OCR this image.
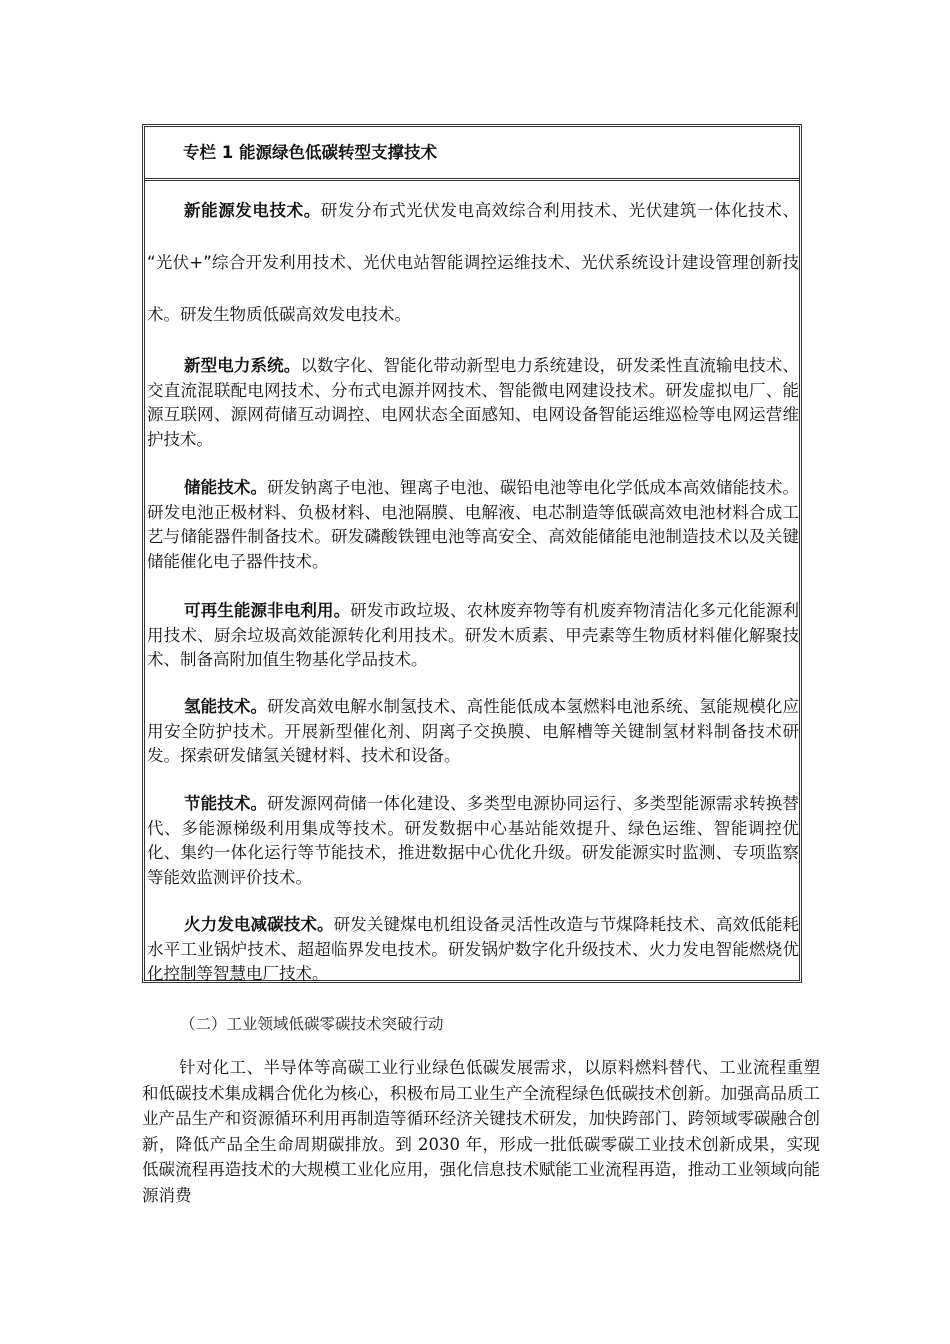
专栏 1 能源绿色低碳转型支撑技术

新能源发电技术。研发分布式光伏发电高效综合利用技术、光伏建筑一体化技术、 “光伏+”综合开发利用技术、光伏电站智能调控运维技术、光伏系统设计建设管理创新技术。研发生物质低碳高效发电技术。

新型电力系统。以数字化、智能化带动新型电力系统建设，研发柔性直流输电技术、交直流混联配电网技术、分布式电源并网技术、智能微电网建设技术。研发虚拟电厂、能源互联网、源网荷储互动调控、电网状态全面感知、电网设备智能运维巡检等电网运营维护技术。

储能技术。研发钠离子电池、锂离子电池、碳铅电池等电化学低成本高效储能技术。研发电池正极材料、负极材料、电池隔膜、电解液、电芯制造等低碳高效电池材料合成工艺与储能器件制备技术。研发磷酸铁锂电池等高安全、高效能储能电池制造技术以及关键储能催化电子器件技术。

可再生能源非电利用。研发市政垃圾、农林废弃物等有机废弃物清洁化多元化能源利用技术、厨余垃圾高效能源转化利用技术。研发木质素、甲壳素等生物质材料催化解聚技术、制备高附加值生物基化学品技术。

氢能技术。研发高效电解水制氢技术、高性能低成本氢燃料电池系统、氢能规模化应用安全防护技术。开展新型催化剂、阴离子交换膜、电解槽等关键制氢材料制备技术研发。探索研发储氢关键材料、技术和设备。

节能技术。研发源网荷储一体化建设、多类型电源协同运行、多类型能源需求转换替代、多能源梯级利用集成等技术。研发数据中心基站能效提升、绿色运维、智能调控优化、集约一体化运行等节能技术，推进数据中心优化升级。研发能源实时监测、专项监察等能效监测评价技术。

火力发电减碳技术。研发关键煤电机组设备灵活性改造与节煤降耗技术、高效低能耗水平工业锅炉技术、超超临界发电技术。研发锅炉数字化升级技术、火力发电智能燃烧优化控制等智慧电厂技术。

（二）工业领域低碳零碳技术突破行动

针对化工、半导体等高碳工业行业绿色低碳发展需求，以原料燃料替代、工业流程重塑和低碳技术集成耦合优化为核心，积极布局工业生产全流程绿色低碳技术创新。加强高品质工业产品生产和资源循环利用再制造等循环经济关键技术研发，加快跨部门、跨领域零碳融合创新，降低产品全生命周期碳排放。到 2030 年，形成一批低碳零碳工业技术创新成果，实现低碳流程再造技术的大规模工业化应用，强化信息技术赋能工业流程再造，推动工业领域向能源消费
